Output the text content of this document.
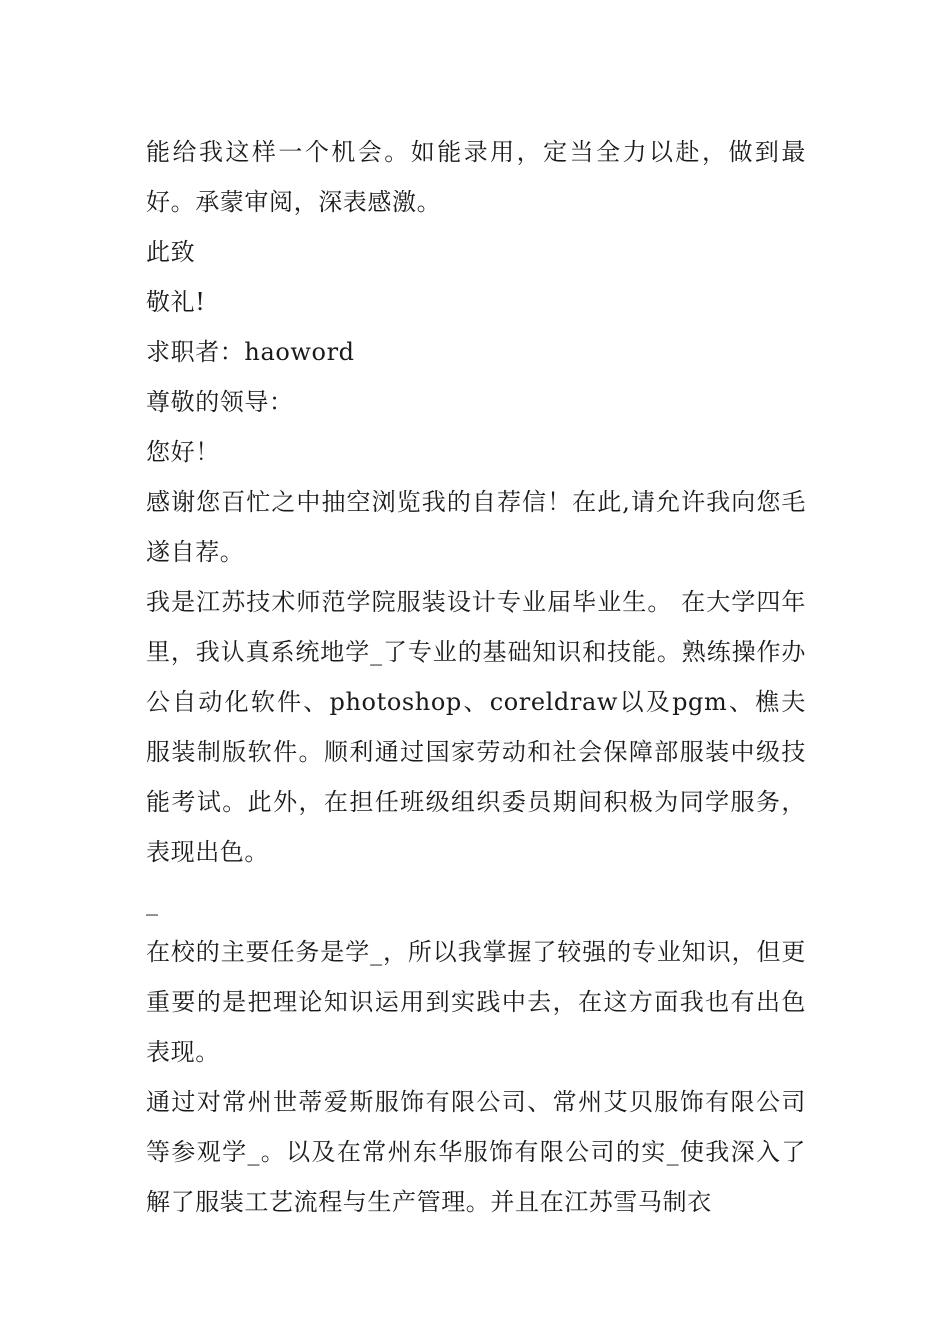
能给我这样一个机会。如能录用，定当全力以赴，做到最好。承蒙审阅，深表感激。

此致

敬礼!

求职者：haoword

尊敬的领导：

您好！

感谢您百忙之中抽空浏览我的自荐信！在此,请允许我向您毛遂自荐。

我是江苏技术师范学院服装设计专业届毕业生。 在大学四年里，我认真系统地学_了专业的基础知识和技能。熟练操作办公自动化软件、photoshop、coreldraw以及pgm、樵夫服装制版软件。顺利通过国家劳动和社会保障部服装中级技能考试。此外，在担任班级组织委员期间积极为同学服务，表现出色。

_

在校的主要任务是学_，所以我掌握了较强的专业知识，但更重要的是把理论知识运用到实践中去，在这方面我也有出色表现。

通过对常州世蒂爱斯服饰有限公司、常州艾贝服饰有限公司等参观学_。以及在常州东华服饰有限公司的实_使我深入了解了服装工艺流程与生产管理。并且在江苏雪马制衣
